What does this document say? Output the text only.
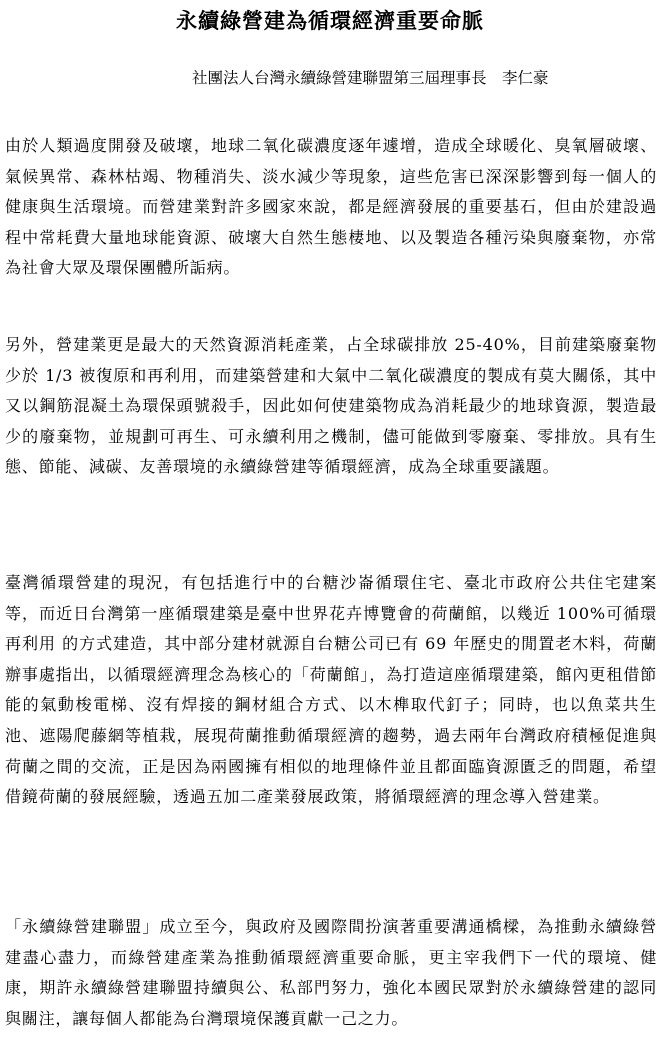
永續綠營建為循環經濟重要命脈
社團法人台灣永續綠營建聯盟第三屆理事長　李仁豪
由於人類過度開發及破壞，地球二氧化碳濃度逐年遽增，造成全球暖化、臭氧層破壞、氣候異常、森林枯竭、物種消失、淡水減少等現象，這些危害已深深影響到每一個人的健康與生活環境。而營建業對許多國家來說，都是經濟發展的重要基石，但由於建設過程中常耗費大量地球能資源、破壞大自然生態棲地、以及製造各種污染與廢棄物，亦常為社會大眾及環保團體所詬病。
另外，營建業更是最大的天然資源消耗產業，占全球碳排放 25-40%，目前建築廢棄物少於 1/3 被復原和再利用，而建築營建和大氣中二氧化碳濃度的製成有莫大關係，其中又以鋼筋混凝土為環保頭號殺手，因此如何使建築物成為消耗最少的地球資源，製造最少的廢棄物，並規劃可再生、可永續利用之機制，儘可能做到零廢棄、零排放。具有生態、節能、減碳、友善環境的永續綠營建等循環經濟，成為全球重要議題。
臺灣循環營建的現況，有包括進行中的台糖沙崙循環住宅、臺北市政府公共住宅建案等，而近日台灣第一座循環建築是臺中世界花卉博覽會的荷蘭館，以幾近 100%可循環再利用 的方式建造，其中部分建材就源自台糖公司已有 69 年歷史的閒置老木料，荷蘭辦事處指出，以循環經濟理念為核心的「荷蘭館」，為打造這座循環建築，館內更租借節能的氣動梭電梯、沒有焊接的鋼材組合方式、以木榫取代釘子；同時，也以魚菜共生池、遮陽爬藤網等植栽，展現荷蘭推動循環經濟的趨勢，過去兩年台灣政府積極促進與荷蘭之間的交流，正是因為兩國擁有相似的地理條件並且都面臨資源匱乏的問題，希望借鏡荷蘭的發展經驗，透過五加二產業發展政策，將循環經濟的理念導入營建業。
「永續綠營建聯盟」成立至今，與政府及國際間扮演著重要溝通橋樑，為推動永續綠營建盡心盡力，而綠營建產業為推動循環經濟重要命脈，更主宰我們下一代的環境、健康，期許永續綠營建聯盟持續與公、私部門努力，強化本國民眾對於永續綠營建的認同與關注，讓每個人都能為台灣環境保護貢獻一己之力。
